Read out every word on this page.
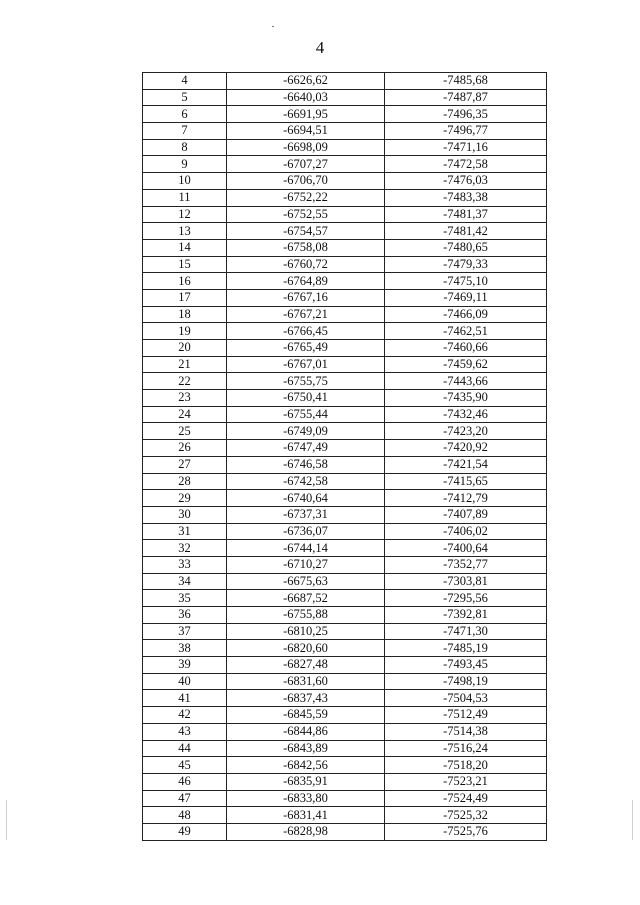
4
4	-6626,62	-7485,68
5	-6640,03	-7487,87
6	-6691,95	-7496,35
7	-6694,51	-7496,77
8	-6698,09	-7471,16
9	-6707,27	-7472,58
10	-6706,70	-7476,03
11	-6752,22	-7483,38
12	-6752,55	-7481,37
13	-6754,57	-7481,42
14	-6758,08	-7480,65
15	-6760,72	-7479,33
16	-6764,89	-7475,10
17	-6767,16	-7469,11
18	-6767,21	-7466,09
19	-6766,45	-7462,51
20	-6765,49	-7460,66
21	-6767,01	-7459,62
22	-6755,75	-7443,66
23	-6750,41	-7435,90
24	-6755,44	-7432,46
25	-6749,09	-7423,20
26	-6747,49	-7420,92
27	-6746,58	-7421,54
28	-6742,58	-7415,65
29	-6740,64	-7412,79
30	-6737,31	-7407,89
31	-6736,07	-7406,02
32	-6744,14	-7400,64
33	-6710,27	-7352,77
34	-6675,63	-7303,81
35	-6687,52	-7295,56
36	-6755,88	-7392,81
37	-6810,25	-7471,30
38	-6820,60	-7485,19
39	-6827,48	-7493,45
40	-6831,60	-7498,19
41	-6837,43	-7504,53
42	-6845,59	-7512,49
43	-6844,86	-7514,38
44	-6843,89	-7516,24
45	-6842,56	-7518,20
46	-6835,91	-7523,21
47	-6833,80	-7524,49
48	-6831,41	-7525,32
49	-6828,98	-7525,76
